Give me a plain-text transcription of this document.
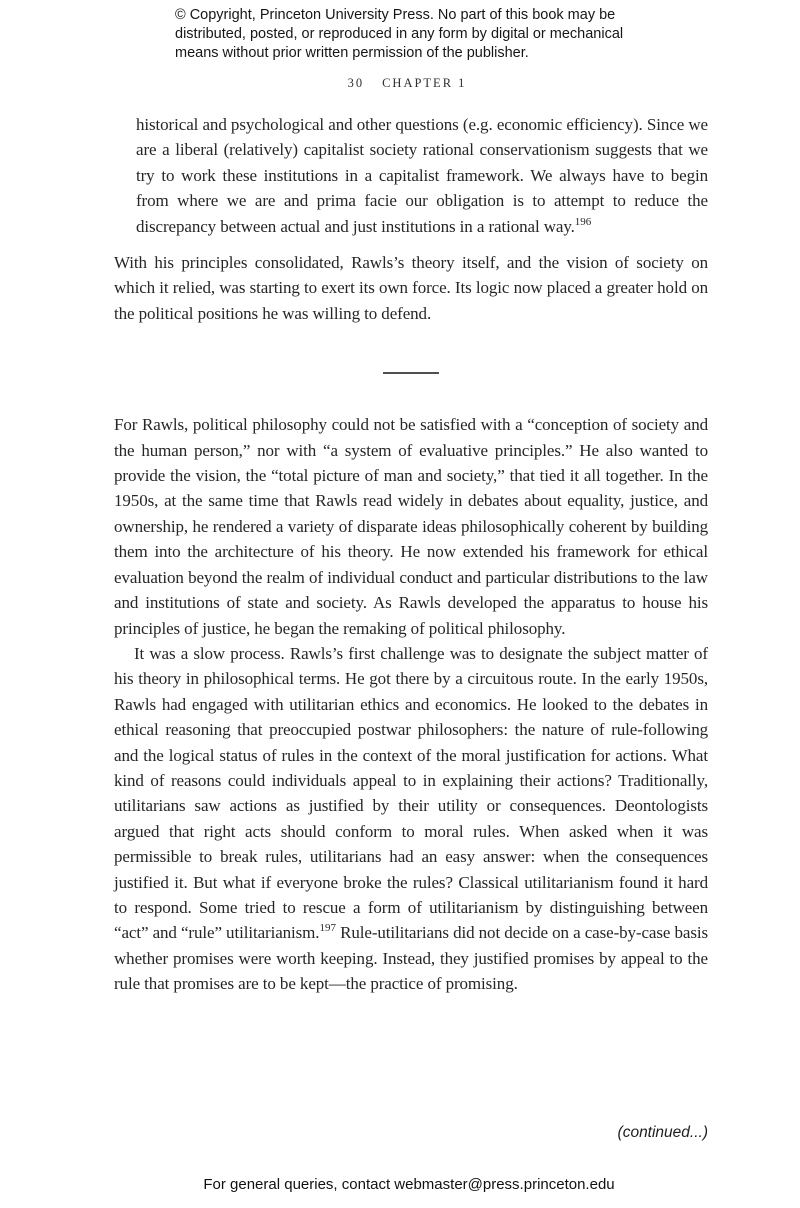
© Copyright, Princeton University Press. No part of this book may be
distributed, posted, or reproduced in any form by digital or mechanical
means without prior written permission of the publisher.
30 CHAPTER 1
historical and psychological and other questions (e.g. economic efficiency). Since we are a liberal (relatively) capitalist society rational conservationism suggests that we try to work these institutions in a capitalist framework. We always have to begin from where we are and prima facie our obligation is to attempt to reduce the discrepancy between actual and just institutions in a rational way.$^{196}$

With his principles consolidated, Rawls’s theory itself, and the vision of society on which it relied, was starting to exert its own force. Its logic now placed a greater hold on the political positions he was willing to defend.

For Rawls, political philosophy could not be satisfied with a “conception of society and the human person,” nor with “a system of evaluative principles.” He also wanted to provide the vision, the “total picture of man and society,” that tied it all together. In the 1950s, at the same time that Rawls read widely in debates about equality, justice, and ownership, he rendered a variety of disparate ideas philosophically coherent by building them into the architecture of his theory. He now extended his framework for ethical evaluation beyond the realm of individual conduct and particular distributions to the law and institutions of state and society. As Rawls developed the apparatus to house his principles of justice, he began the remaking of political philosophy.

It was a slow process. Rawls’s first challenge was to designate the subject matter of his theory in philosophical terms. He got there by a circuitous route. In the early 1950s, Rawls had engaged with utilitarian ethics and economics. He looked to the debates in ethical reasoning that preoccupied postwar philosophers: the nature of rule-following and the logical status of rules in the context of the moral justification for actions. What kind of reasons could individuals appeal to in explaining their actions? Traditionally, utilitarians saw actions as justified by their utility or consequences. Deontologists argued that right acts should conform to moral rules. When asked when it was permissible to break rules, utilitarians had an easy answer: when the consequences justified it. But what if everyone broke the rules? Classical utilitarianism found it hard to respond. Some tried to rescue a form of utilitarianism by distinguishing between “act” and “rule” utilitarianism.$^{197}$ Rule-utilitarians did not decide on a case-by-case basis whether promises were worth keeping. Instead, they justified promises by appeal to the rule that promises are to be kept—the practice of promising.

(continued...)
For general queries, contact webmaster@press.princeton.edu
